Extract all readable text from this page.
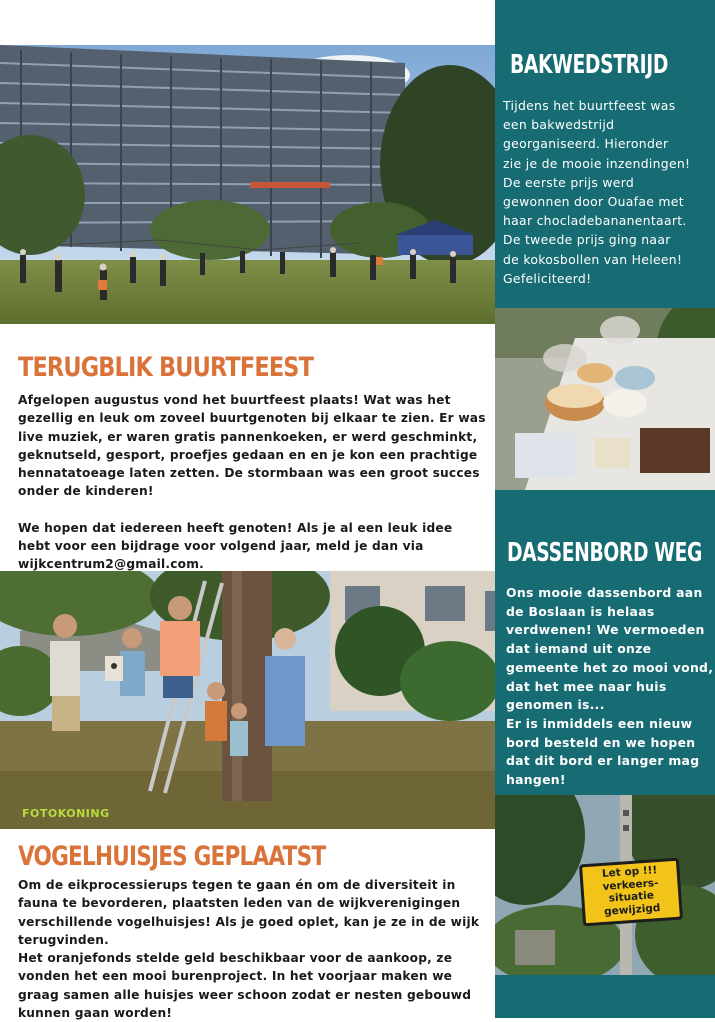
TERUGBLIK BUURTFEEST
Afgelopen augustus vond het buurtfeest plaats! Wat was het
gezellig en leuk om zoveel buurtgenoten bij elkaar te zien. Er was
live muziek, er waren gratis pannenkoeken, er werd geschminkt,
geknutseld, gesport, proefjes gedaan en en je kon een prachtige
hennatatoeage laten zetten. De stormbaan was een groot succes
onder de kinderen!
We hopen dat iedereen heeft genoten! Als je al een leuk idee
hebt voor een bijdrage voor volgend jaar, meld je dan via
wijkcentrum2@gmail.com.
FOTOKONING
VOGELHUISJES GEPLAATST
Om de eikprocessierups tegen te gaan én om de diversiteit in
fauna te bevorderen, plaatsten leden van de wijkverenigingen
verschillende vogelhuisjes! Als je goed oplet, kan je ze in de wijk
terugvinden.
Het oranjefonds stelde geld beschikbaar voor de aankoop, ze
vonden het een mooi burenproject. In het voorjaar maken we
graag samen alle huisjes weer schoon zodat er nesten gebouwd
kunnen gaan worden!
BAKWEDSTRIJD
Tijdens het buurtfeest was
een bakwedstrijd
georganiseerd. Hieronder
zie je de mooie inzendingen!
De eerste prijs werd
gewonnen door Ouafae met
haar chocladebananentaart.
De tweede prijs ging naar
de kokosbollen van Heleen!
Gefeliciteerd!
DASSENBORD WEG
Ons mooie dassenbord aan
de Boslaan is helaas
verdwenen! We vermoeden
dat iemand uit onze
gemeente het zo mooi vond,
dat het mee naar huis
genomen is...
Er is inmiddels een nieuw
bord besteld en we hopen
dat dit bord er langer mag
hangen!
Let op !!!
verkeers-
situatie
gewijzigd
